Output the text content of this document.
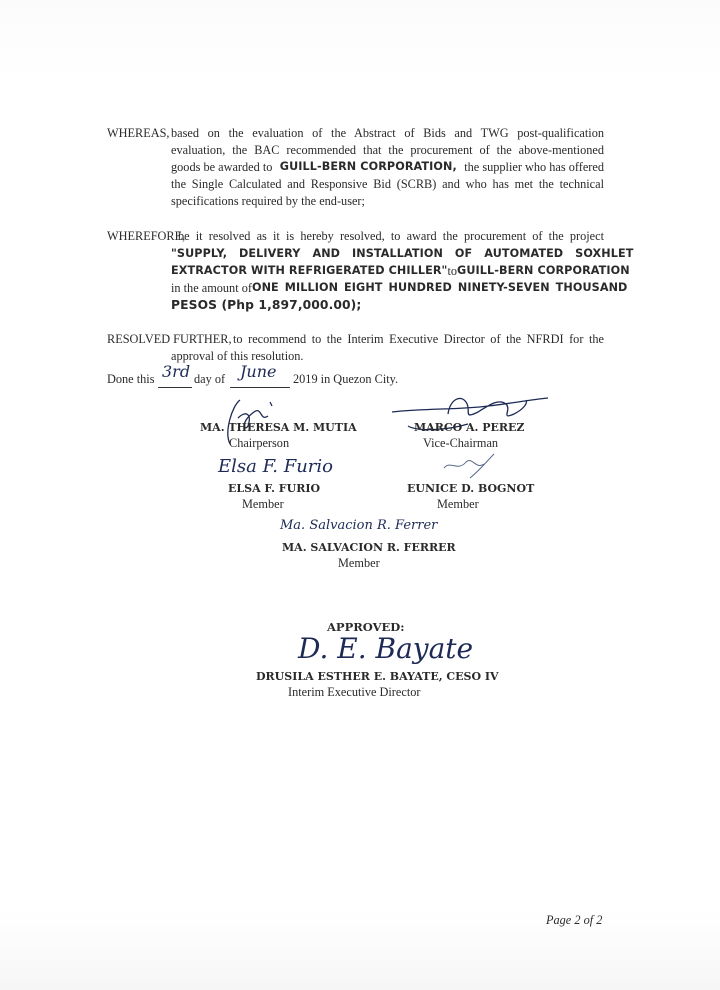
WHEREAS, based on the evaluation of the Abstract of Bids and TWG post-qualification
evaluation, the BAC recommended that the procurement of the above-mentioned
goods be awarded to GUILL-BERN CORPORATION, the supplier who has offered
the Single Calculated and Responsive Bid (SCRB) and who has met the technical
specifications required by the end-user;
WHEREFORE,
be it resolved as it is hereby resolved, to award the procurement of the project
"SUPPLY,   DELIVERY   AND   INSTALLATION   OF   AUTOMATED   SOXHLET
EXTRACTOR WITH REFRIGERATED CHILLER" to GUILL-BERN CORPORATION
in the amount of ONE MILLION EIGHT HUNDRED NINETY-SEVEN THOUSAND
PESOS (Php 1,897,000.00);
RESOLVED FURTHER, to recommend to the Interim Executive Director of the NFRDI for the
approval of this resolution.
Done this 3rd day of June 2019 in Quezon City.
Elsa F. Furio
Ma. Salvacion R. Ferrer
MA. THERESA M. MUTIA
Chairperson
MARCO A. PEREZ
Vice-Chairman
ELSA F. FURIO
Member
EUNICE D. BOGNOT
Member
MA. SALVACION R. FERRER
Member
APPROVED:
D. E. Bayate
DRUSILA ESTHER E. BAYATE, CESO IV
Interim Executive Director
Page 2 of 2
